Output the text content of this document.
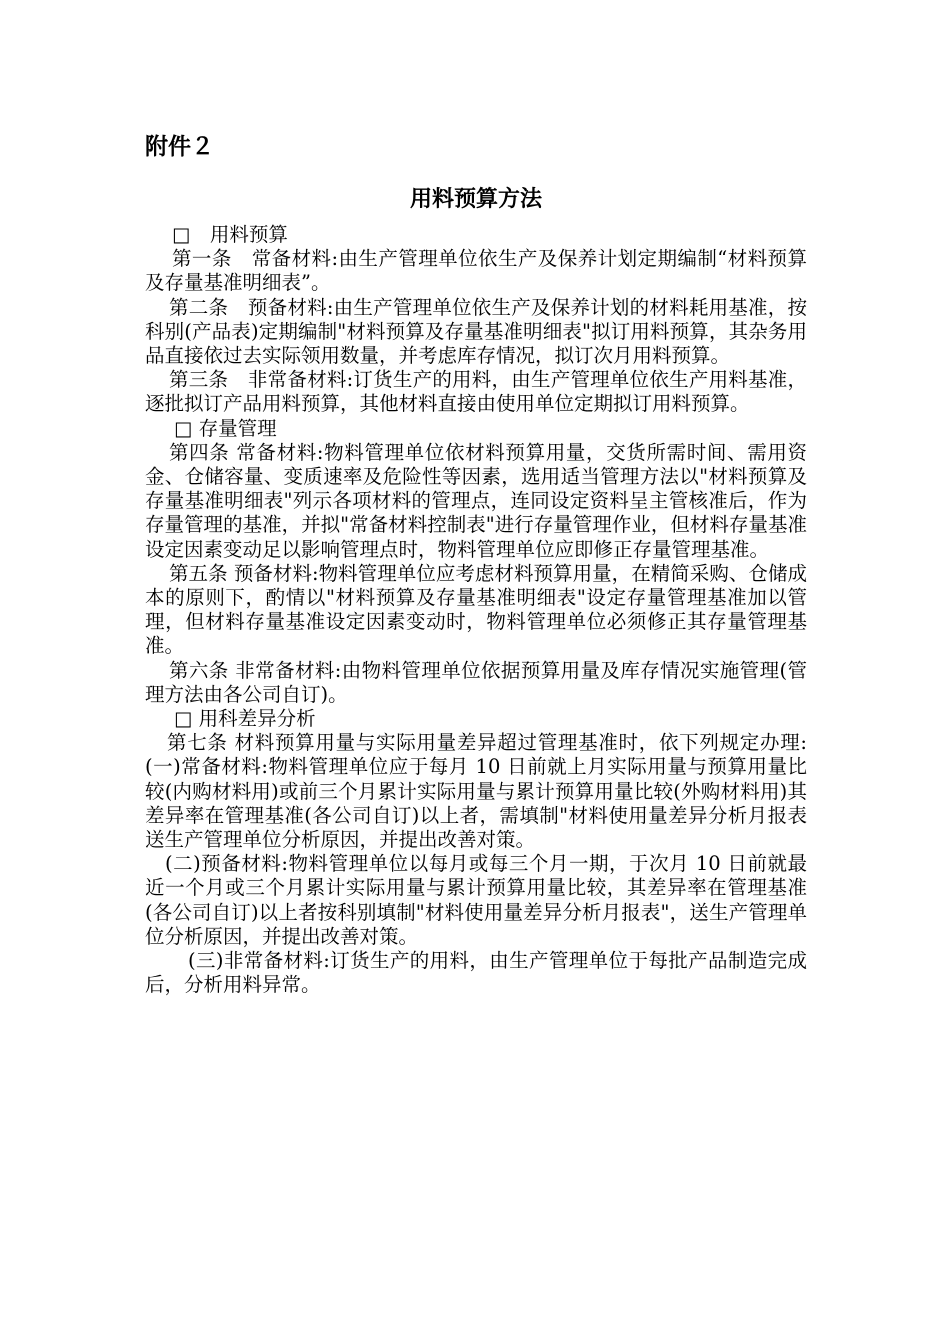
附件２
用料预算方法
□　用料预算
第一条　常备材料:由生产管理单位依生产及保养计划定期编制“材料预算及存量基准明细表”。
第二条　预备材料:由生产管理单位依生产及保养计划的材料耗用基准，按科别(产品表)定期编制"材料预算及存量基准明细表"拟订用料预算，其杂务用品直接依过去实际领用数量，并考虑库存情况，拟订次月用料预算。
第三条　非常备材料:订货生产的用料，由生产管理单位依生产用料基准，逐批拟订产品用料预算，其他材料直接由使用单位定期拟订用料预算。
□ 存量管理
第四条 常备材料:物料管理单位依材料预算用量，交货所需时间、需用资金、仓储容量、变质速率及危险性等因素，选用适当管理方法以"材料预算及存量基准明细表"列示各项材料的管理点，连同设定资料呈主管核准后，作为存量管理的基准，并拟"常备材料控制表"进行存量管理作业，但材料存量基准设定因素变动足以影响管理点时，物料管理单位应即修正存量管理基准。
第五条 预备材料:物料管理单位应考虑材料预算用量，在精简采购、仓储成本的原则下，酌情以"材料预算及存量基准明细表"设定存量管理基准加以管理，但材料存量基准设定因素变动时，物料管理单位必须修正其存量管理基准。
第六条 非常备材料:由物料管理单位依据预算用量及库存情况实施管理(管理方法由各公司自订)。
□ 用科差异分析
第七条 材料预算用量与实际用量差异超过管理基准时，依下列规定办理:　(一)常备材料:物料管理单位应于每月 10 日前就上月实际用量与预算用量比较(内购材料用)或前三个月累计实际用量与累计预算用量比较(外购材料用)其差异率在管理基准(各公司自订)以上者，需填制"材料使用量差异分析月报表送生产管理单位分析原因，并提出改善对策。
(二)预备材料:物料管理单位以每月或每三个月一期，于次月 10 日前就最近一个月或三个月累计实际用量与累计预算用量比较，其差异率在管理基准(各公司自订)以上者按科别填制"材料使用量差异分析月报表"，送生产管理单位分析原因，并提出改善对策。
(三)非常备材料:订货生产的用料，由生产管理单位于每批产品制造完成后，分析用料异常。
